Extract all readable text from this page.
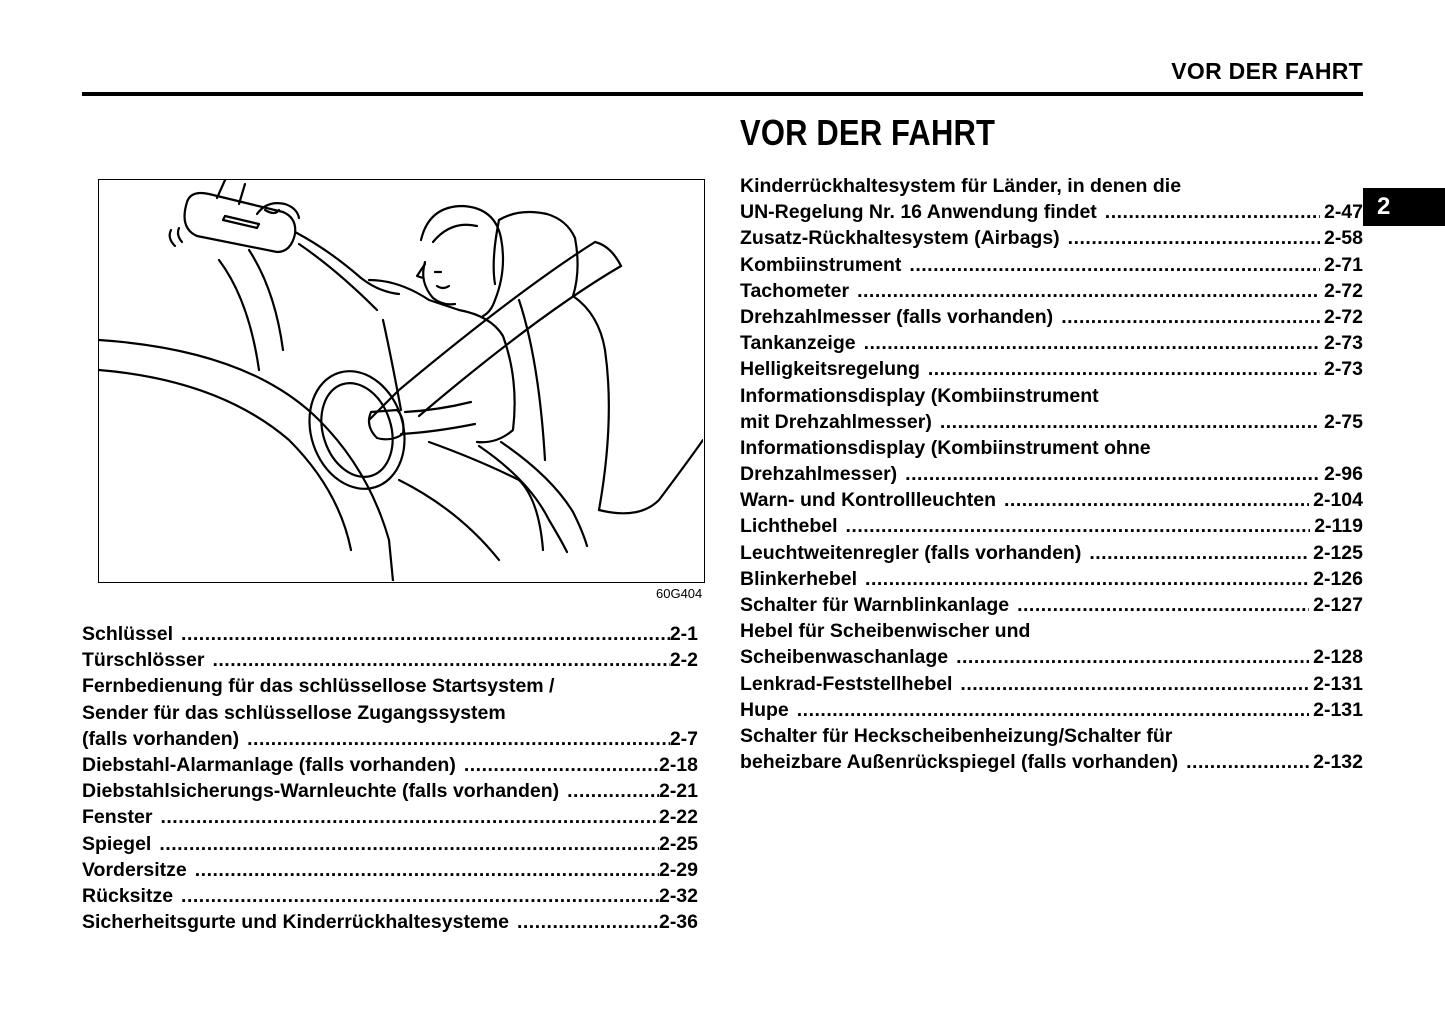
VOR DER FAHRT
VOR DER FAHRT
2
60G404
Schlüssel .....	2-1
Türschlösser .....	2-2
Fernbedienung für das schlüssellose Startsystem /
Sender für das schlüssellose Zugangssystem
(falls vorhanden) .....	2-7
Diebstahl-Alarmanlage (falls vorhanden) .....	2-18
Diebstahlsicherungs-Warnleuchte (falls vorhanden) .....	2-21
Fenster .....	2-22
Spiegel .....	2-25
Vordersitze .....	2-29
Rücksitze .....	2-32
Sicherheitsgurte und Kinderrückhaltesysteme .....	2-36
Kinderrückhaltesystem für Länder, in denen die
UN-Regelung Nr. 16 Anwendung findet .....	2-47
Zusatz-Rückhaltesystem (Airbags) .....	2-58
Kombiinstrument .....	2-71
Tachometer .....	2-72
Drehzahlmesser (falls vorhanden) .....	2-72
Tankanzeige .....	2-73
Helligkeitsregelung .....	2-73
Informationsdisplay (Kombiinstrument
mit Drehzahlmesser) .....	2-75
Informationsdisplay (Kombiinstrument ohne
Drehzahlmesser) .....	2-96
Warn- und Kontrollleuchten .....	2-104
Lichthebel .....	2-119
Leuchtweitenregler (falls vorhanden) .....	2-125
Blinkerhebel .....	2-126
Schalter für Warnblinkanlage .....	2-127
Hebel für Scheibenwischer und
Scheibenwaschanlage .....	2-128
Lenkrad-Feststellhebel .....	2-131
Hupe .....	2-131
Schalter für Heckscheibenheizung/Schalter für
beheizbare Außenrückspiegel (falls vorhanden) .....	2-132
